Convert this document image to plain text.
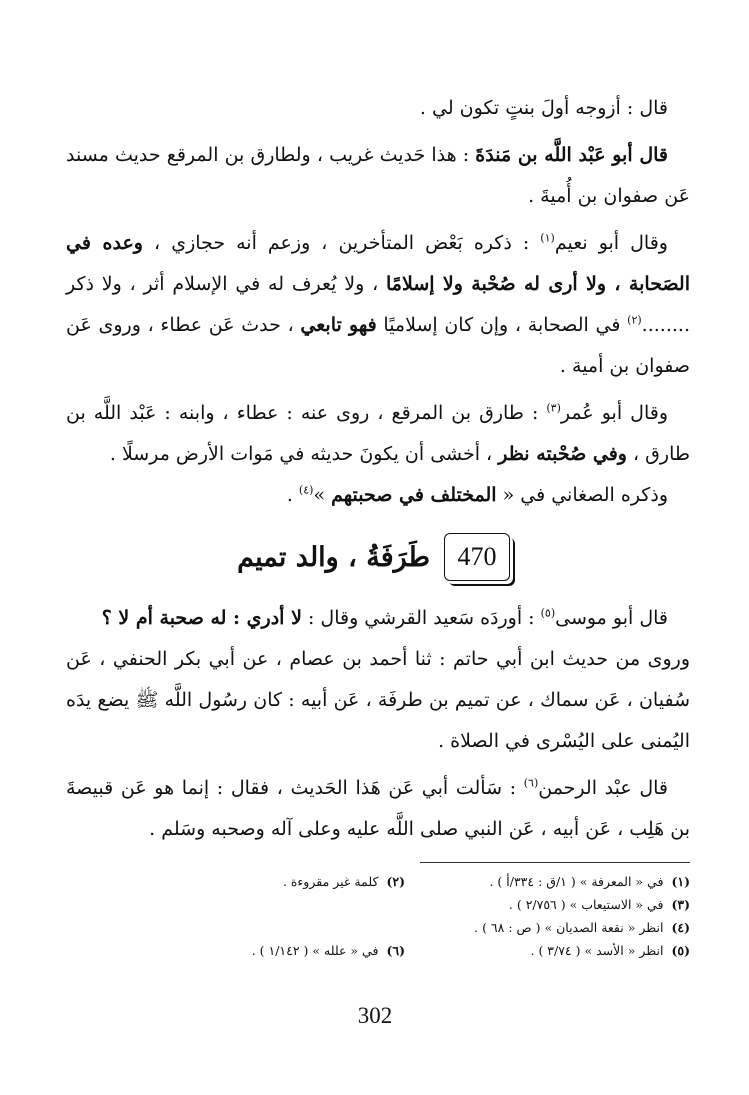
قال : أزوجه أولَ بنتٍ تكون لي .

قال أبو عَبْد اللَّه بن مَندَةَ : هذا حَديث غريب ، ولطارق بن المرقع حديث مسند عَن صفوان بن أُميةَ .

وقال أبو نعيم$^{(١)}$ : ذكره بَعْض المتأخرين ، وزعم أنه حجازي ، وعده في الصَحابة ، ولا أرى له صُحْبة ولا إسلامًا ، ولا يُعرف له في الإسلام أثر ، ولا ذكر ........$^{(٢)}$ في الصحابة ، وإن كان إسلاميًا فهو تابعي ، حدث عَن عطاء ، وروى عَن صفوان بن أمية .

وقال أبو عُمر$^{(٣)}$ : طارق بن المرقع ، روى عنه : عطاء ، وابنه : عَبْد اللَّه بن طارق ، وفي صُحْبته نظر ، أخشى أن يكونَ حديثه في مَوات الأرض مرسلًا .

وذكره الصغاني في « المختلف في صحبتهم »$^{(٤)}$ .

470
طَرَفَةُ ، والد تميم

قال أبو موسى$^{(٥)}$ : أوردَه سَعيد القرشي وقال : لا أدري : له صحبة أم لا ؟

وروى من حديث ابن أبي حاتم : ثنا أحمد بن عصام ، عن أبي بكر الحنفي ، عَن سُفيان ، عَن سماك ، عن تميم بن طرفَة ، عَن أبيه : كان رسُول اللَّه ﷺ يضع يدَه اليُمنى على اليُسْرى في الصلاة .

قال عبْد الرحمن$^{(٦)}$ : سَألت أبي عَن هَذا الحَديث ، فقال : إنما هو عَن قبيصةَ بن هَلِب ، عَن أبيه ، عَن النبي صلى اللَّه عليه وعلى آله وصحبه وسَلم .

(١)في « المعرفة » ( ١/ق : ٣٣٤/أ ) .
(٢)كلمة غير مقروءة .
(٣)في « الاستيعاب » ( ٢/٧٥٦ ) .
(٤)انظر « نقعة الصديان » ( ص : ٦٨ ) .
(٥)انظر « الأسد » ( ٣/٧٤ ) .
(٦)في « علله » ( ١/١٤٢ ) .
302
